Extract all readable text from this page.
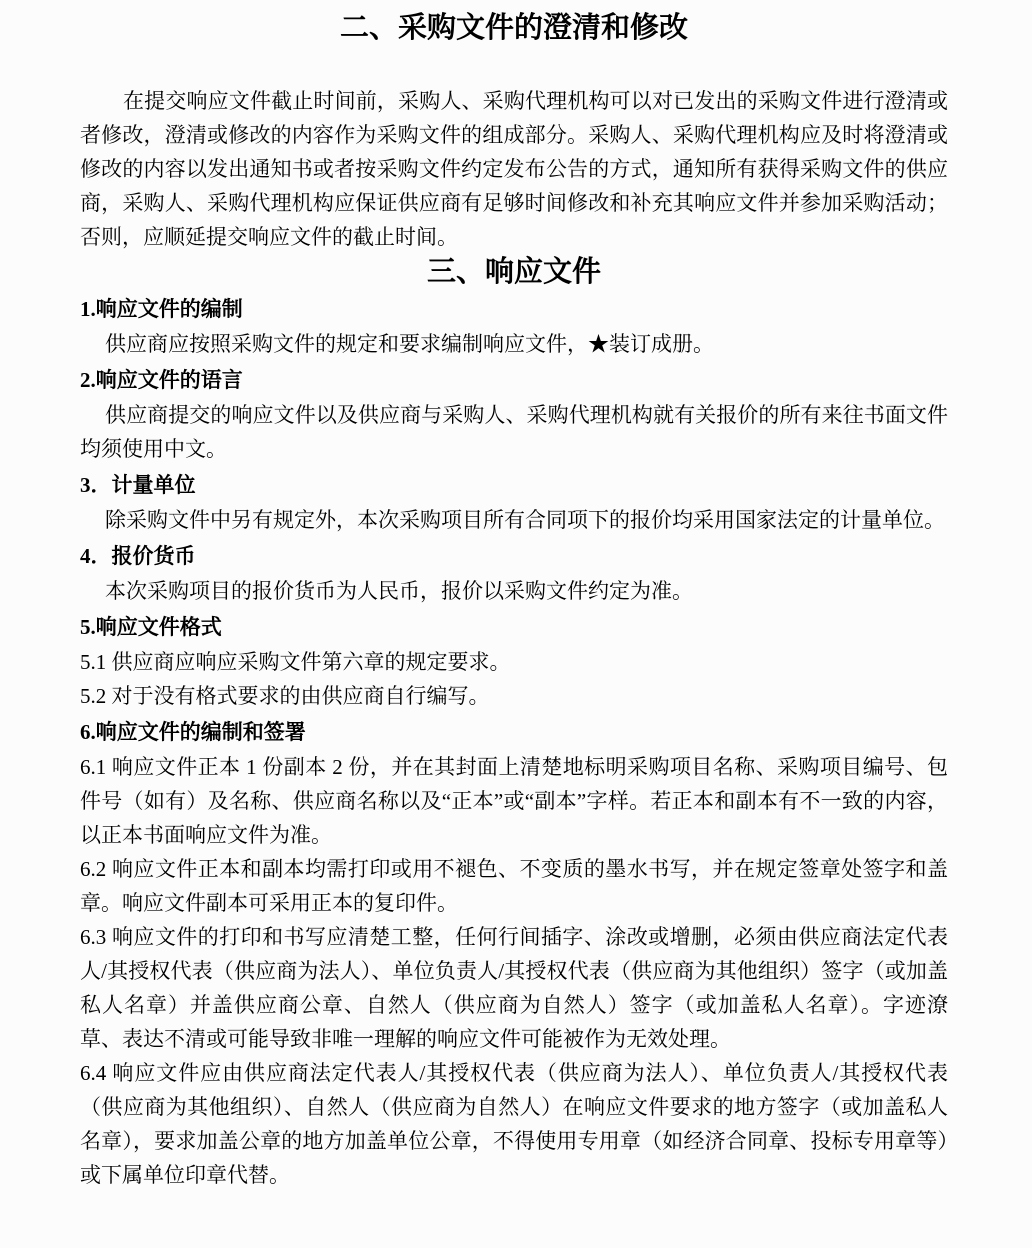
二、采购文件的澄清和修改

在提交响应文件截止时间前，采购人、采购代理机构可以对已发出的采购文件进行澄清或者修改，澄清或修改的内容作为采购文件的组成部分。采购人、采购代理机构应及时将澄清或修改的内容以发出通知书或者按采购文件约定发布公告的方式，通知所有获得采购文件的供应商，采购人、采购代理机构应保证供应商有足够时间修改和补充其响应文件并参加采购活动；否则，应顺延提交响应文件的截止时间。

三、响应文件
1.响应文件的编制

供应商应按照采购文件的规定和要求编制响应文件，★装订成册。

2.响应文件的语言

供应商提交的响应文件以及供应商与采购人、采购代理机构就有关报价的所有来往书面文件均须使用中文。

3．计量单位

除采购文件中另有规定外，本次采购项目所有合同项下的报价均采用国家法定的计量单位。

4．报价货币

本次采购项目的报价货币为人民币，报价以采购文件约定为准。

5.响应文件格式

5.1 供应商应响应采购文件第六章的规定要求。

5.2 对于没有格式要求的由供应商自行编写。

6.响应文件的编制和签署

6.1 响应文件正本 1 份副本 2 份，并在其封面上清楚地标明采购项目名称、采购项目编号、包件号（如有）及名称、供应商名称以及“正本”或“副本”字样。若正本和副本有不一致的内容，以正本书面响应文件为准。

6.2 响应文件正本和副本均需打印或用不褪色、不变质的墨水书写，并在规定签章处签字和盖章。响应文件副本可采用正本的复印件。

6.3 响应文件的打印和书写应清楚工整，任何行间插字、涂改或增删，必须由供应商法定代表人/其授权代表（供应商为法人）、单位负责人/其授权代表（供应商为其他组织）签字（或加盖私人名章）并盖供应商公章、自然人（供应商为自然人）签字（或加盖私人名章）。字迹潦草、表达不清或可能导致非唯一理解的响应文件可能被作为无效处理。

6.4 响应文件应由供应商法定代表人/其授权代表（供应商为法人）、单位负责人/其授权代表（供应商为其他组织）、自然人（供应商为自然人）在响应文件要求的地方签字（或加盖私人名章），要求加盖公章的地方加盖单位公章，不得使用专用章（如经济合同章、投标专用章等）或下属单位印章代替。
